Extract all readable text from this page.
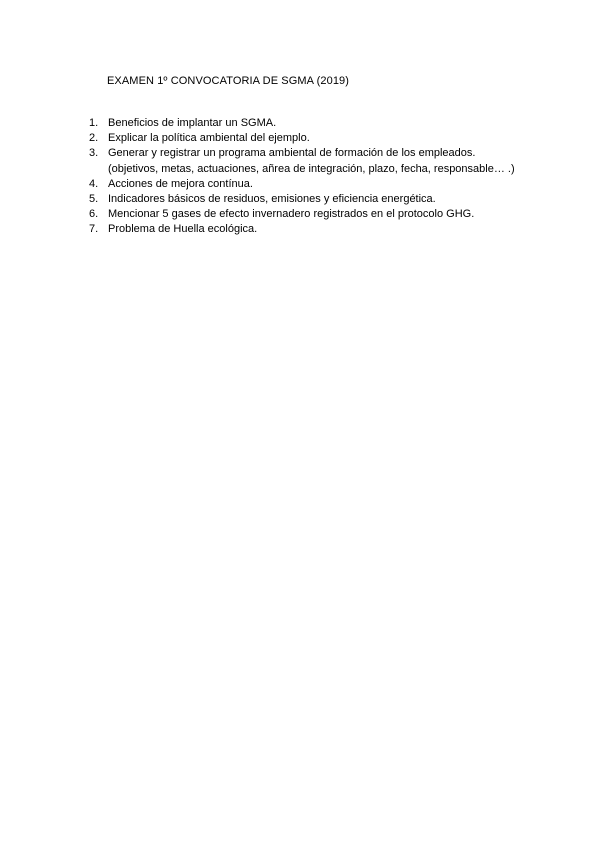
EXAMEN 1º CONVOCATORIA DE SGMA (2019)
1. Beneficios de implantar un SGMA.
2. Explicar la política ambiental del ejemplo.
3. Generar y registrar un programa ambiental de formación de los empleados.
(objetivos, metas, actuaciones, añrea de integración, plazo, fecha, responsable… .)
4. Acciones de mejora contínua.
5. Indicadores básicos de residuos, emisiones y eficiencia energética.
6. Mencionar 5 gases de efecto invernadero registrados en el protocolo GHG.
7. Problema de Huella ecológica.
